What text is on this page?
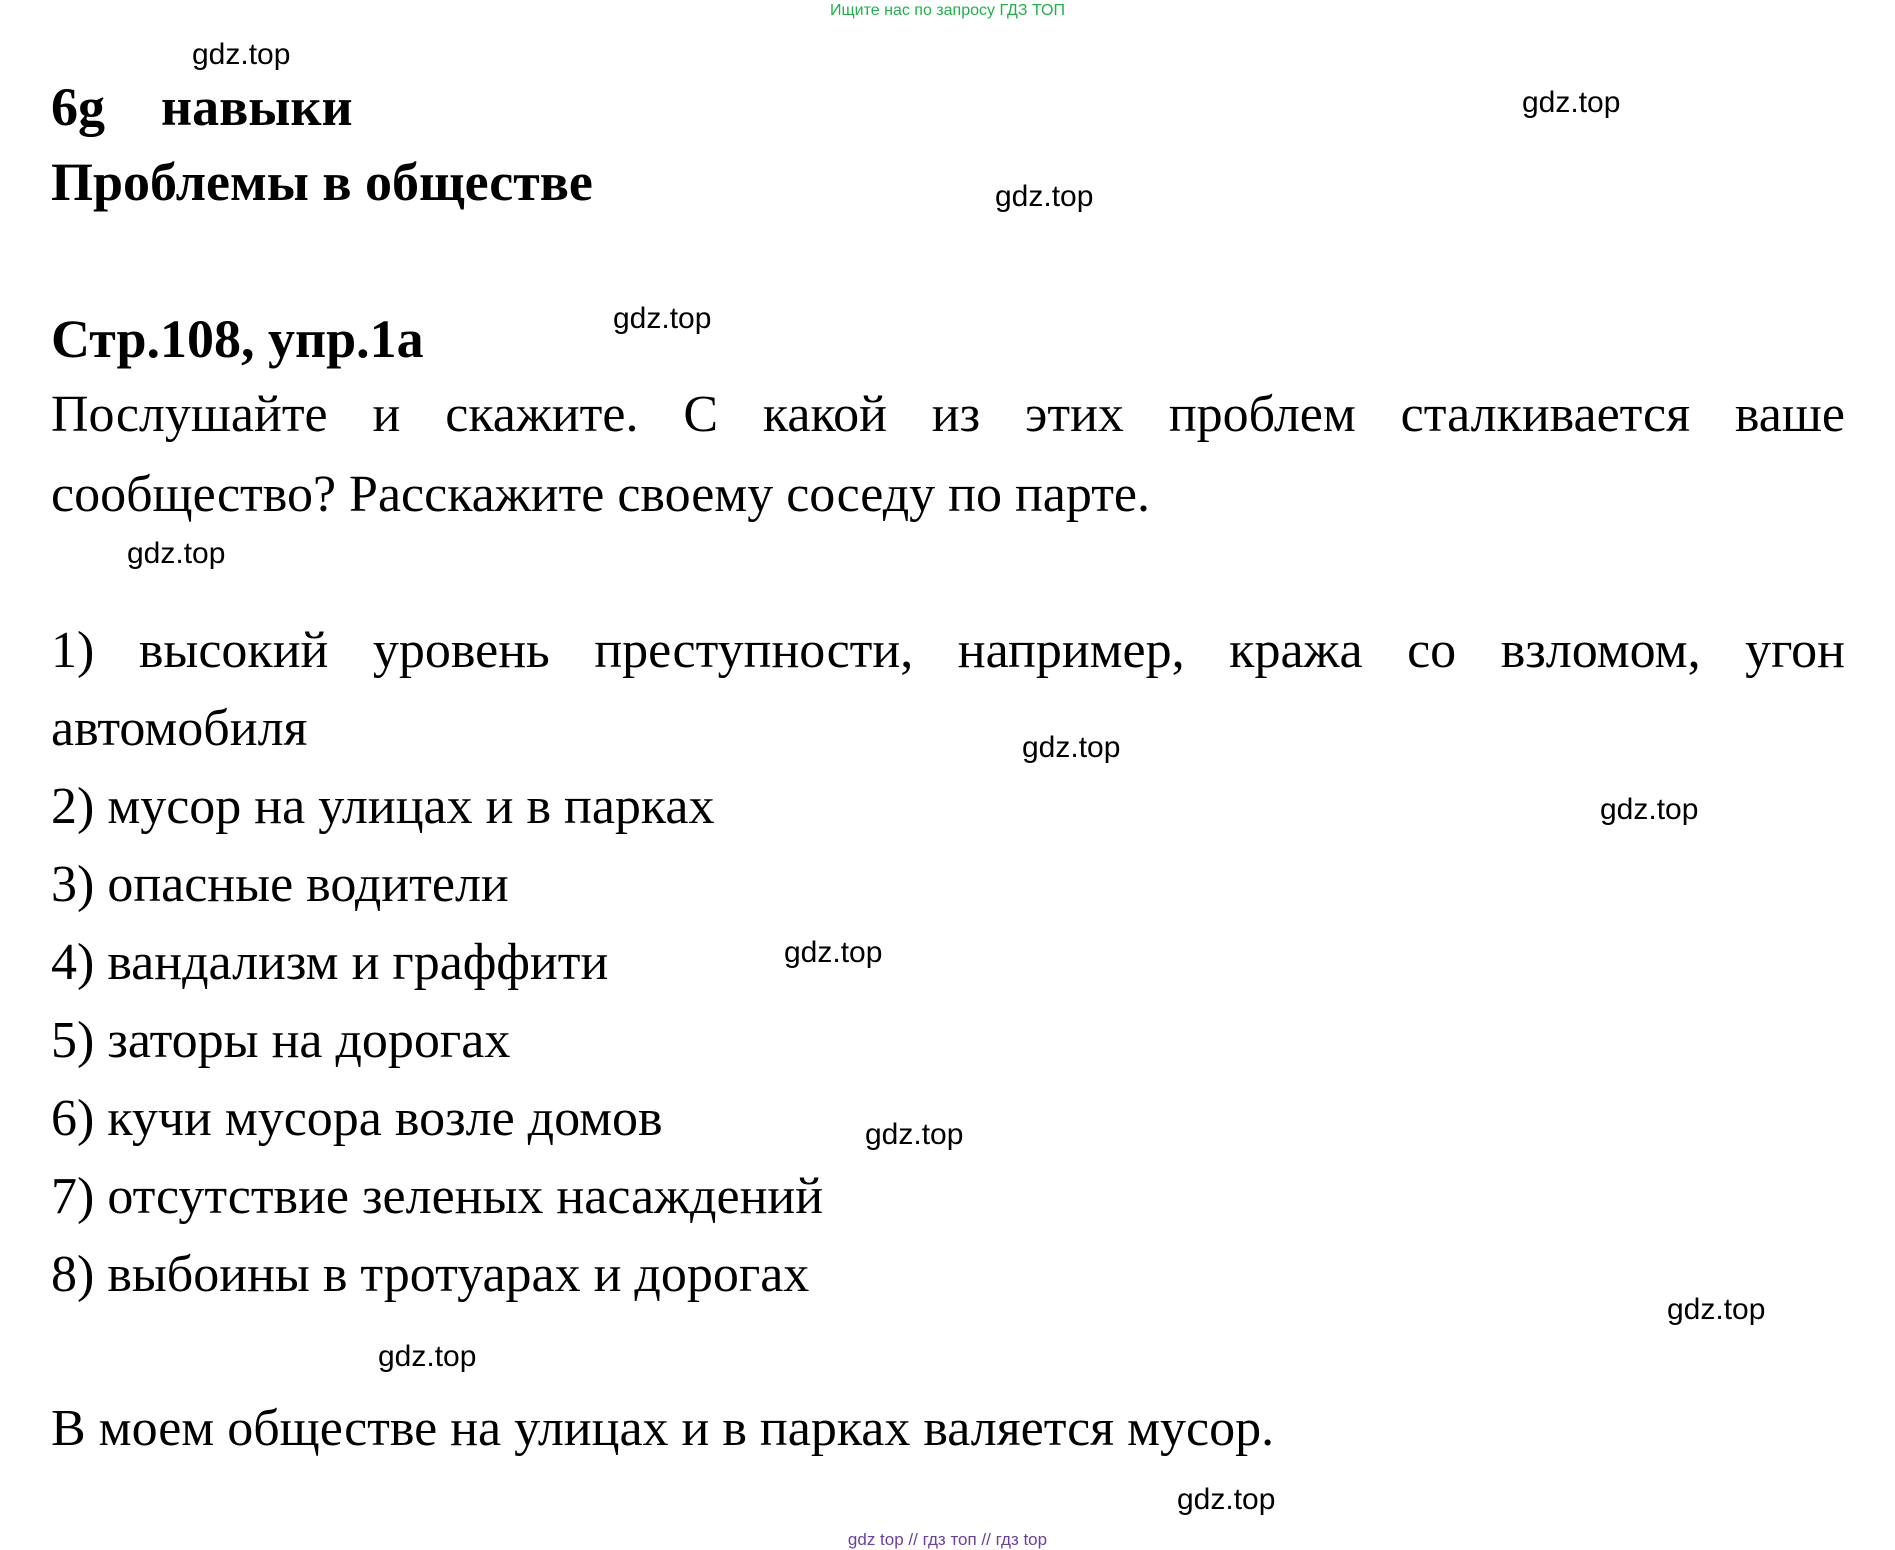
Ищите нас по запросу ГДЗ ТОП
6g навыки
Проблемы в обществе
Стр.108, упр.1a
Послушайте и скажите. С какой из этих проблем сталкивается ваше сообщество? Расскажите своему соседу по парте.
1) высокий уровень преступности, например, кража со взломом, угон автомобиля
2) мусор на улицах и в парках
3) опасные водители
4) вандализм и граффити
5) заторы на дорогах
6) кучи мусора возле домов
7) отсутствие зеленых насаждений
8) выбоины в тротуарах и дорогах
В моем обществе на улицах и в парках валяется мусор.
gdz.top
gdz.top
gdz.top
gdz.top
gdz.top
gdz.top
gdz.top
gdz.top
gdz.top
gdz.top
gdz.top
gdz.top
gdz top // гдз топ // гдз top
